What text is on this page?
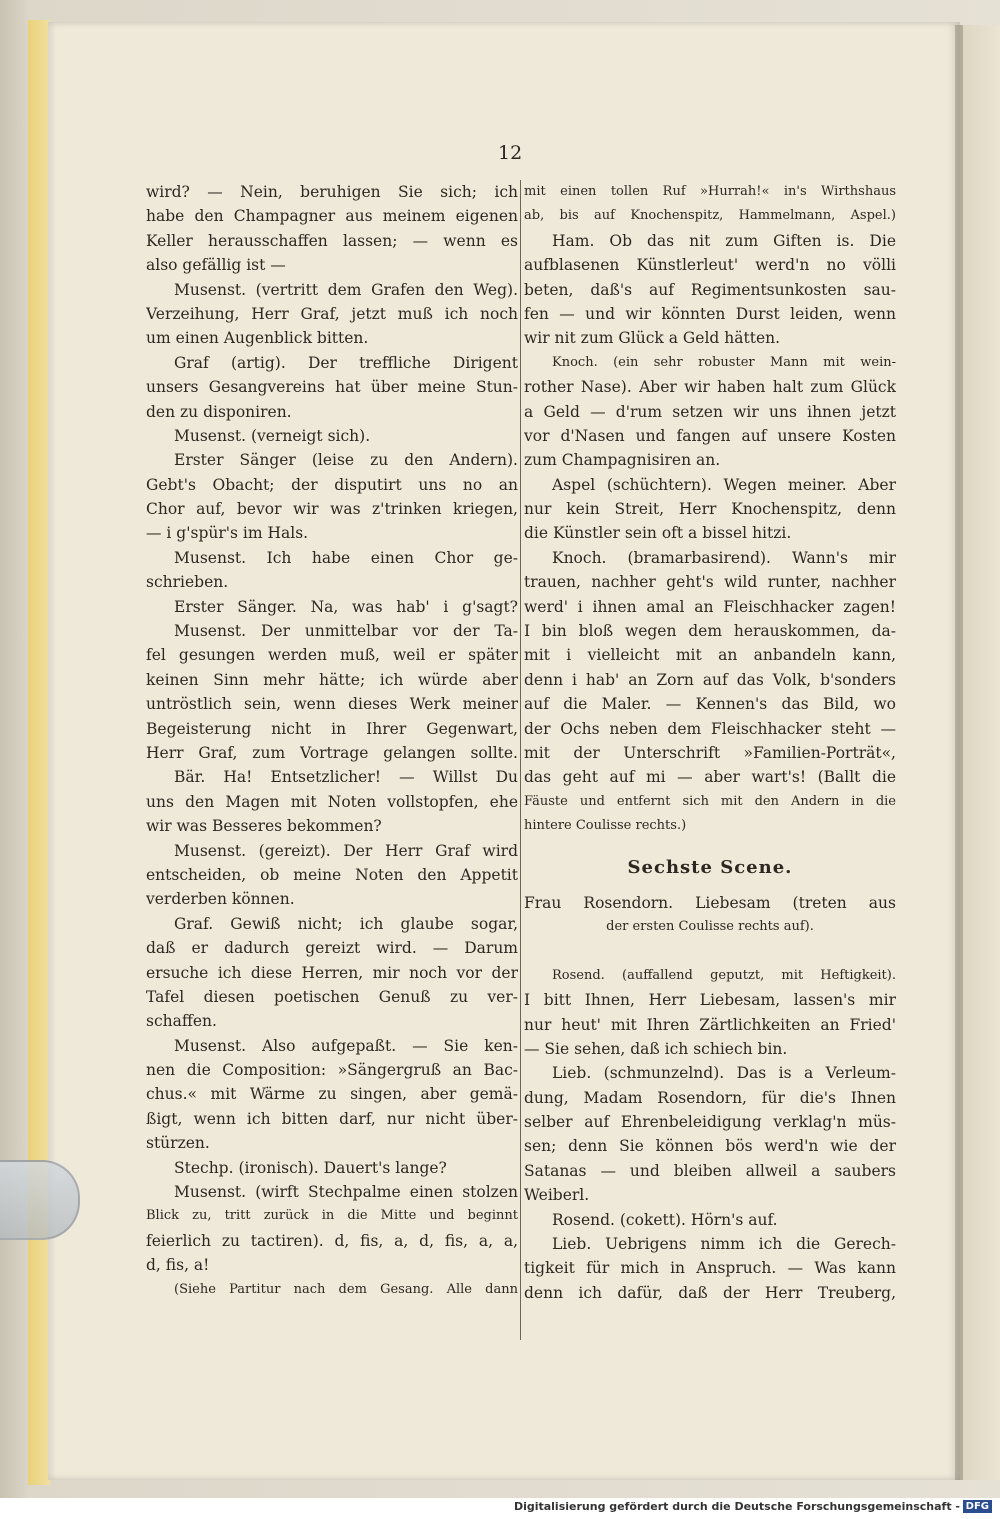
12
wird? — Nein, beruhigen Sie sich; ich
habe den Champagner aus meinem eigenen
Keller herausschaffen lassen; — wenn es
also gefällig ist —
Musenst. (vertritt dem Grafen den Weg).
Verzeihung, Herr Graf, jetzt muß ich noch
um einen Augenblick bitten.
Graf (artig). Der treffliche Dirigent
unsers Gesangvereins hat über meine Stun-
den zu disponiren.
Musenst. (verneigt sich).
Erster Sänger (leise zu den Andern).
Gebt's Obacht; der disputirt uns no an
Chor auf, bevor wir was z'trinken kriegen,
— i g'spür's im Hals.
Musenst. Ich habe einen Chor ge-
schrieben.
Erster Sänger. Na, was hab' i g'sagt?
Musenst. Der unmittelbar vor der Ta-
fel gesungen werden muß, weil er später
keinen Sinn mehr hätte; ich würde aber
untröstlich sein, wenn dieses Werk meiner
Begeisterung nicht in Ihrer Gegenwart,
Herr Graf, zum Vortrage gelangen sollte.
Bär. Ha! Entsetzlicher! — Willst Du
uns den Magen mit Noten vollstopfen, ehe
wir was Besseres bekommen?
Musenst. (gereizt). Der Herr Graf wird
entscheiden, ob meine Noten den Appetit
verderben können.
Graf. Gewiß nicht; ich glaube sogar,
daß er dadurch gereizt wird. — Darum
ersuche ich diese Herren, mir noch vor der
Tafel diesen poetischen Genuß zu ver-
schaffen.
Musenst. Also aufgepaßt. — Sie ken-
nen die Composition: »Sängergruß an Bac-
chus.« mit Wärme zu singen, aber gemä-
ßigt, wenn ich bitten darf, nur nicht über-
stürzen.
Stechp. (ironisch). Dauert's lange?
Musenst. (wirft Stechpalme einen stolzen
Blick zu, tritt zurück in die Mitte und beginnt
feierlich zu tactiren). d, fis, a, d, fis, a, a,
d, fis, a!
(Siehe Partitur nach dem Gesang. Alle dann
mit einen tollen Ruf »Hurrah!« in's Wirthshaus
ab, bis auf Knochenspitz, Hammelmann, Aspel.)
Ham. Ob das nit zum Giften is. Die
aufblasenen Künstlerleut' werd'n no völli
beten, daß's auf Regimentsunkosten sau-
fen — und wir könnten Durst leiden, wenn
wir nit zum Glück a Geld hätten.
Knoch. (ein sehr robuster Mann mit wein-
rother Nase). Aber wir haben halt zum Glück
a Geld — d'rum setzen wir uns ihnen jetzt
vor d'Nasen und fangen auf unsere Kosten
zum Champagnisiren an.
Aspel (schüchtern). Wegen meiner. Aber
nur kein Streit, Herr Knochenspitz, denn
die Künstler sein oft a bissel hitzi.
Knoch. (bramarbasirend). Wann's mir
trauen, nachher geht's wild runter, nachher
werd' i ihnen amal an Fleischhacker zagen!
I bin bloß wegen dem herauskommen, da-
mit i vielleicht mit an anbandeln kann,
denn i hab' an Zorn auf das Volk, b'sonders
auf die Maler. — Kennen's das Bild, wo
der Ochs neben dem Fleischhacker steht —
mit der Unterschrift »Familien-Porträt«,
das geht auf mi — aber wart's! (Ballt die
Fäuste und entfernt sich mit den Andern in die
hintere Coulisse rechts.)
Sechste Scene.
Frau Rosendorn. Liebesam (treten aus
der ersten Coulisse rechts auf).
Rosend. (auffallend geputzt, mit Heftigkeit).
I bitt Ihnen, Herr Liebesam, lassen's mir
nur heut' mit Ihren Zärtlichkeiten an Fried'
— Sie sehen, daß ich schiech bin.
Lieb. (schmunzelnd). Das is a Verleum-
dung, Madam Rosendorn, für die's Ihnen
selber auf Ehrenbeleidigung verklag'n müs-
sen; denn Sie können bös werd'n wie der
Satanas — und bleiben allweil a saubers
Weiberl.
Rosend. (cokett). Hörn's auf.
Lieb. Uebrigens nimm ich die Gerech-
tigkeit für mich in Anspruch. — Was kann
denn ich dafür, daß der Herr Treuberg,
Digitalisierung gefördert durch die Deutsche Forschungsgemeinschaft - DFG
